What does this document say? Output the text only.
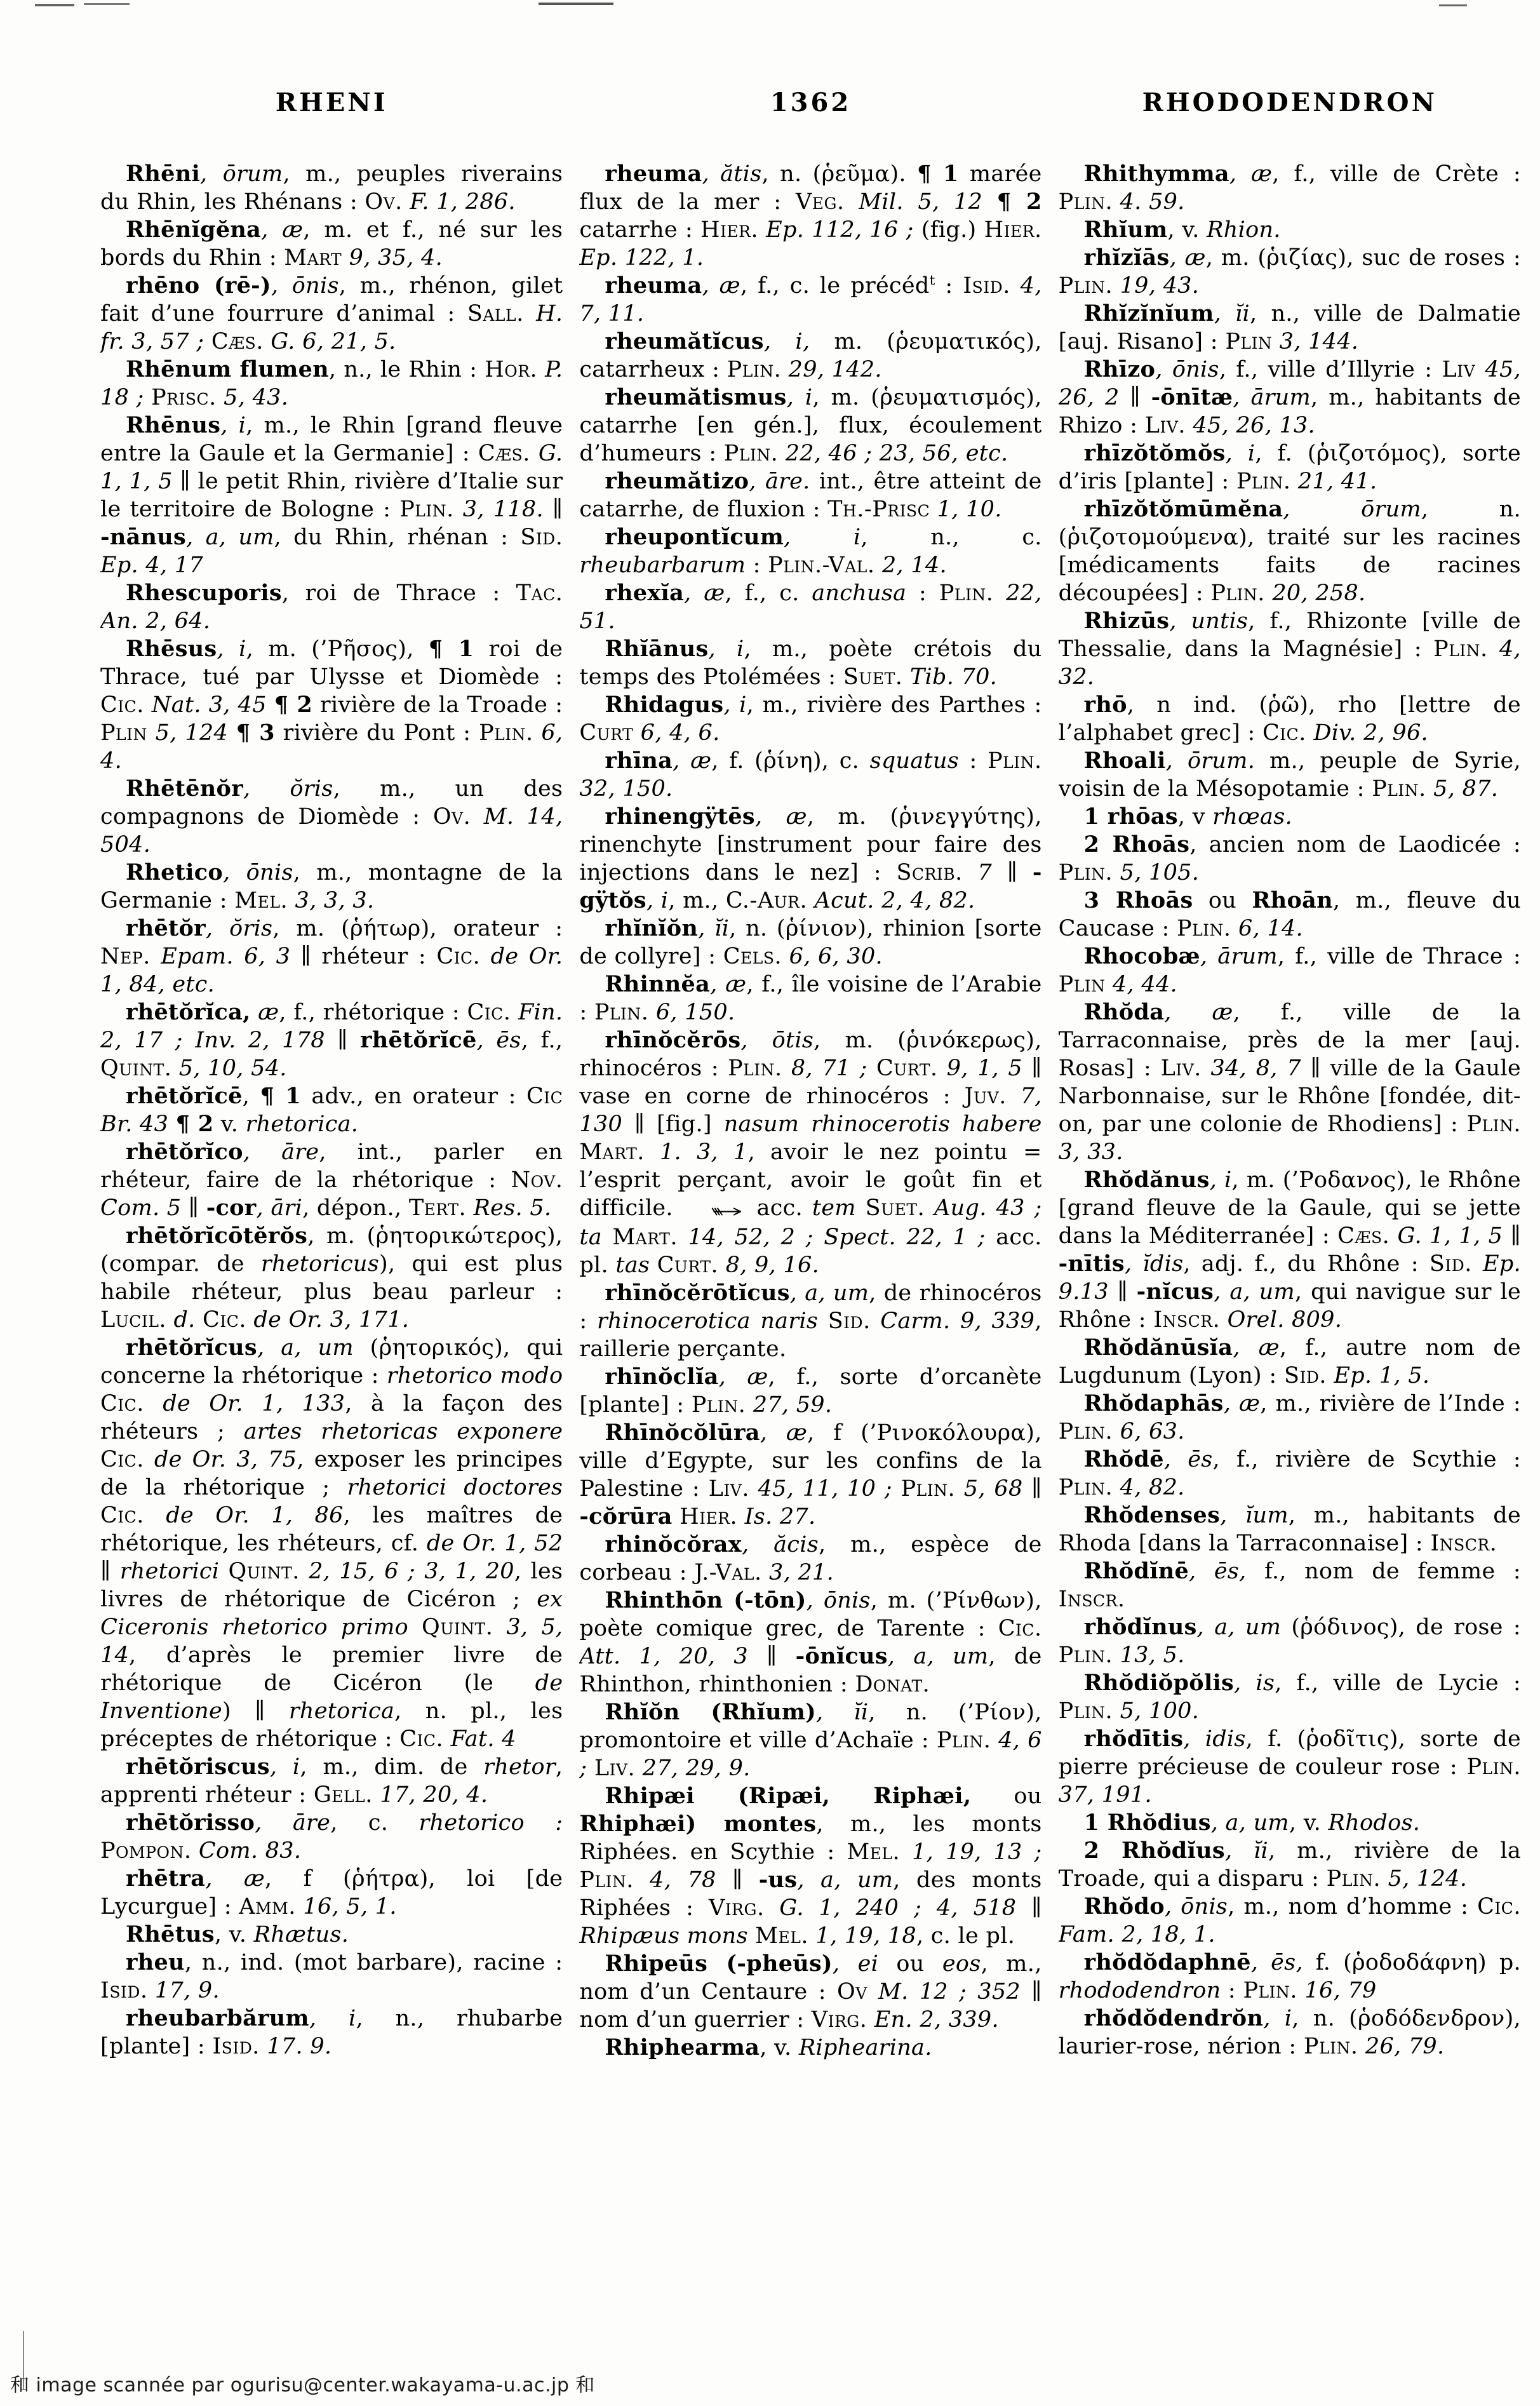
RHENI	1362	RHODODENDRON

Rhēni, ōrum, m., peuples riverains du Rhin, les Rhénans : Ov. F. 1, 286.

Rhēnĭgĕna, æ, m. et f., né sur les bords du Rhin : Mart 9, 35, 4.

rhēno (rē-), ōnis, m., rhénon, gilet fait d’une fourrure d’animal : Sall. H. fr. 3, 57 ; Cæs. G. 6, 21, 5.

Rhēnum flumen, n., le Rhin : Hor. P. 18 ; Prisc. 5, 43.

Rhēnus, i, m., le Rhin [grand fleuve entre la Gaule et la Germanie] : Cæs. G. 1, 1, 5 ∥ le petit Rhin, rivière d’Italie sur le territoire de Bologne : Plin. 3, 118. ∥ -nānus, a, um, du Rhin, rhénan : Sid. Ep. 4, 17

Rhescuporis, roi de Thrace : Tac. An. 2, 64.

Rhēsus, i, m. (’Ρῆσος), ¶ 1 roi de Thrace, tué par Ulysse et Diomède : Cic. Nat. 3, 45 ¶ 2 rivière de la Troade : Plin 5, 124 ¶ 3 rivière du Pont : Plin. 6, 4.

Rhētēnŏr, ŏris, m., un des compagnons de Diomède : Ov. M. 14, 504.

Rhetico, ōnis, m., montagne de la Germanie : Mel. 3, 3, 3.

rhētŏr, ŏris, m. (ῥήτωρ), orateur : Nep. Epam. 6, 3 ∥ rhéteur : Cic. de Or. 1, 84, etc.

rhētŏrĭca, æ, f., rhétorique : Cic. Fin. 2, 17 ; Inv. 2, 178 ∥ rhētŏrĭcē, ēs, f., Quint. 5, 10, 54.

rhētŏrĭcē, ¶ 1 adv., en orateur : Cic Br. 43 ¶ 2 v. rhetorica.

rhētŏrĭco, āre, int., parler en rhéteur, faire de la rhétorique : Nov. Com. 5 ∥ -cor, āri, dépon., Tert. Res. 5.

rhētŏrĭcōtĕrŏs, m. (ῥητορικώτερος), (compar. de rhetoricus), qui est plus habile rhéteur, plus beau parleur : Lucil. d. Cic. de Or. 3, 171.

rhētŏrĭcus, a, um (ῥητορικός), qui concerne la rhétorique : rhetorico modo Cic. de Or. 1, 133, à la façon des rhéteurs ; artes rhetoricas exponere Cic. de Or. 3, 75, exposer les principes de la rhétorique ; rhetorici doctores Cic. de Or. 1, 86, les maîtres de rhétorique, les rhéteurs, cf. de Or. 1, 52 ∥ rhetorici Quint. 2, 15, 6 ; 3, 1, 20, les livres de rhétorique de Cicéron ; ex Ciceronis rhetorico primo Quint. 3, 5, 14, d’après le premier livre de rhétorique de Cicéron (le de Inventione) ∥ rhetorica, n. pl., les préceptes de rhétorique : Cic. Fat. 4

rhētŏriscus, i, m., dim. de rhetor, apprenti rhéteur : Gell. 17, 20, 4.

rhētŏrisso, āre, c. rhetorico : Pompon. Com. 83.

rhētra, æ, f (ῥήτρα), loi [de Lycurgue] : Amm. 16, 5, 1.

Rhētus, v. Rhætus.

rheu, n., ind. (mot barbare), racine : Isid. 17, 9.

rheubarbărum, i, n., rhubarbe [plante] : Isid. 17. 9.

rheuma, ătis, n. (ῥεῦμα). ¶ 1 marée flux de la mer : Veg. Mil. 5, 12 ¶ 2 catarrhe : Hier. Ep. 112, 16 ; (fig.) Hier. Ep. 122, 1.

rheuma, æ, f., c. le précéd$^t$ : Isid. 4, 7, 11.

rheumătĭcus, i, m. (ῥευματικός), catarrheux : Plin. 29, 142.

rheumătismus, i, m. (ῥευματισμός), catarrhe [en gén.], flux, écoulement d’humeurs : Plin. 22, 46 ; 23, 56, etc.

rheumătizo, āre. int., être atteint de catarrhe, de fluxion : Th.-Prisc 1, 10.

rheupontĭcum, i, n., c. rheubarbarum : Plin.-Val. 2, 14.

rhexĭa, æ, f., c. anchusa : Plin. 22, 51.

Rhĭānus, i, m., poète crétois du temps des Ptolémées : Suet. Tib. 70.

Rhidagus, i, m., rivière des Parthes : Curt 6, 4, 6.

rhīna, æ, f. (ῥίνη), c. squatus : Plin. 32, 150.

rhinengÿtēs, æ, m. (ῥινεγγύτης), rinenchyte [instrument pour faire des injections dans le nez] : Scrib. 7 ∥ -gÿtŏs, i, m., C.-Aur. Acut. 2, 4, 82.

rhĭnĭŏn, ĭi, n. (ῥίνιον), rhinion [sorte de collyre] : Cels. 6, 6, 30.

Rhinnĕa, æ, f., île voisine de l’Arabie : Plin. 6, 150.

rhīnŏcĕrōs, ōtis, m. (ῥινόκερως), rhinocéros : Plin. 8, 71 ; Curt. 9, 1, 5 ∥ vase en corne de rhinocéros : Juv. 7, 130 ∥ [fig.] nasum rhinocerotis habere Mart. 1. 3, 1, avoir le nez pointu = l’esprit perçant, avoir le goût fin et difficile.	acc. tem Suet. Aug. 43 ; ta Mart. 14, 52, 2 ; Spect. 22, 1 ; acc. pl. tas Curt. 8, 9, 16.

rhīnŏcĕrōtĭcus, a, um, de rhinocéros : rhinocerotica naris Sid. Carm. 9, 339, raillerie perçante.

rhīnŏclĭa, æ, f., sorte d’orcanète [plante] : Plin. 27, 59.

Rhīnŏcŏlūra, æ, f (’Ρινοκόλουρα), ville d’Egypte, sur les confins de la Palestine : Liv. 45, 11, 10 ; Plin. 5, 68 ∥ -cŏrūra Hier. Is. 27.

rhinŏcŏrax, ăcis, m., espèce de corbeau : J.-Val. 3, 21.

Rhinthōn (-tōn), ōnis, m. (’Ρίνθων), poète comique grec, de Tarente : Cic. Att. 1, 20, 3 ∥ -ōnĭcus, a, um, de Rhinthon, rhinthonien : Donat.

Rhĭŏn (Rhĭum), ĭi, n. (’Ρίον), promontoire et ville d’Achaïe : Plin. 4, 6 ; Liv. 27, 29, 9.

Rhipæi (Ripæi, Riphæi, ou Rhiphæi) montes, m., les monts Riphées. en Scythie : Mel. 1, 19, 13 ; Plin. 4, 78 ∥ -us, a, um, des monts Riphées : Virg. G. 1, 240 ; 4, 518 ∥ Rhipæus mons Mel. 1, 19, 18, c. le pl.

Rhipeūs (-pheūs), ei ou eos, m., nom d’un Centaure : Ov M. 12 ; 352 ∥ nom d’un guerrier : Virg. En. 2, 339.

Rhiphearma, v. Riphearina.

Rhithymma, æ, f., ville de Crète : Plin. 4. 59.

Rhĭum, v. Rhion.

rhĭzĭās, æ, m. (ῥιζίας), suc de roses : Plin. 19, 43.

Rhĭzĭnĭum, ĭi, n., ville de Dalmatie [auj. Risano] : Plin 3, 144.

Rhīzo, ōnis, f., ville d’Illyrie : Liv 45, 26, 2 ∥ -ōnītæ, ārum, m., habitants de Rhizo : Liv. 45, 26, 13.

rhīzŏtŏmŏs, i, f. (ῥιζοτόμος), sorte d’iris [plante] : Plin. 21, 41.

rhīzŏtŏmūmĕna, ōrum, n. (ῥιζοτομούμενα), traité sur les racines [médicaments faits de racines découpées] : Plin. 20, 258.

Rhizūs, untis, f., Rhizonte [ville de Thessalie, dans la Magnésie] : Plin. 4, 32.

rhō, n ind. (ῥῶ), rho [lettre de l’alphabet grec] : Cic. Div. 2, 96.

Rhoali, ōrum. m., peuple de Syrie, voisin de la Mésopotamie : Plin. 5, 87.

1 rhōas, v rhœas.

2 Rhoās, ancien nom de Laodicée : Plin. 5, 105.

3 Rhoās ou Rhoān, m., fleuve du Caucase : Plin. 6, 14.

Rhocobæ, ārum, f., ville de Thrace : Plin 4, 44.

Rhŏda, æ, f., ville de la Tarraconnaise, près de la mer [auj. Rosas] : Liv. 34, 8, 7 ∥ ville de la Gaule Narbonnaise, sur le Rhône [fondée, dit-on, par une colonie de Rhodiens] : Plin. 3, 33.

Rhŏdănus, i, m. (’Ροδανος), le Rhône [grand fleuve de la Gaule, qui se jette dans la Méditerranée] : Cæs. G. 1, 1, 5 ∥ -nītis, ĭdis, adj. f., du Rhône : Sid. Ep. 9.13 ∥ -nĭcus, a, um, qui navigue sur le Rhône : Inscr. Orel. 809.

Rhŏdănūsĭa, æ, f., autre nom de Lugdunum (Lyon) : Sid. Ep. 1, 5.

Rhŏdaphās, æ, m., rivière de l’Inde : Plin. 6, 63.

Rhŏdē, ēs, f., rivière de Scythie : Plin. 4, 82.

Rhŏdenses, ĭum, m., habitants de Rhoda [dans la Tarraconnaise] : Inscr.

Rhŏdĭnē, ēs, f., nom de femme : Inscr.

rhŏdĭnus, a, um (ῥόδινος), de rose : Plin. 13, 5.

Rhŏdiŏpŏlis, is, f., ville de Lycie : Plin. 5, 100.

rhŏdītis, idis, f. (ῥοδῖτις), sorte de pierre précieuse de couleur rose : Plin. 37, 191.

1 Rhŏdius, a, um, v. Rhodos.

2 Rhŏdĭus, ĭi, m., rivière de la Troade, qui a disparu : Plin. 5, 124.

Rhŏdo, ōnis, m., nom d’homme : Cic. Fam. 2, 18, 1.

rhŏdŏdaphnē, ēs, f. (ῥοδοδάφνη) p. rhododendron : Plin. 16, 79

rhŏdŏdendrŏn, i, n. (ῥοδόδενδρον), laurier-rose, nérion : Plin. 26, 79.

和 image scannée par ogurisu@center.wakayama-u.ac.jp 和
